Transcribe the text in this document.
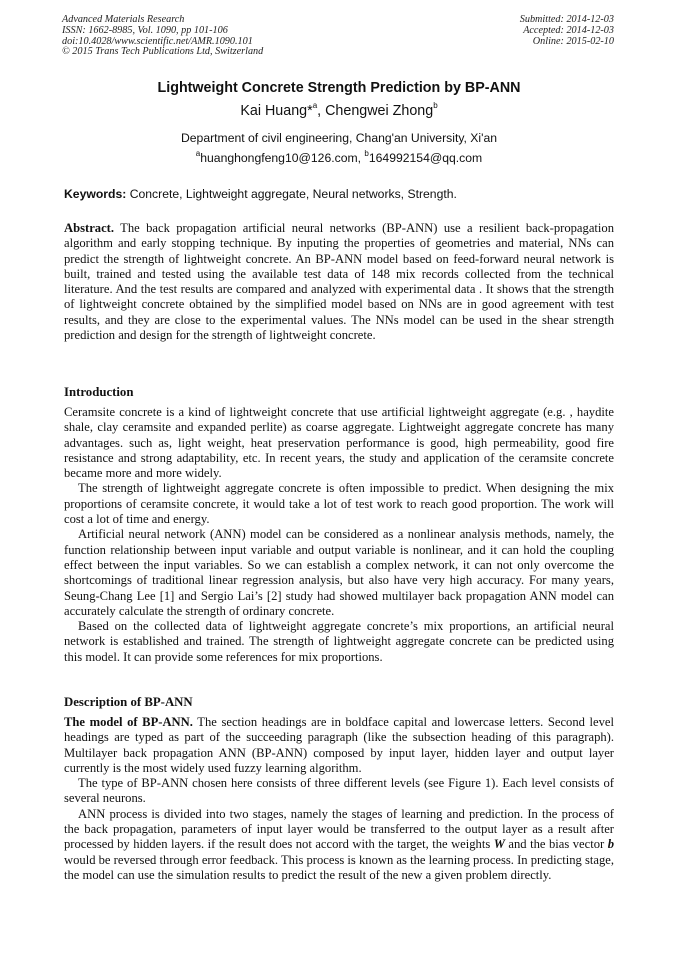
Advanced Materials Research
ISSN: 1662-8985, Vol. 1090, pp 101-106
doi:10.4028/www.scientific.net/AMR.1090.101
© 2015 Trans Tech Publications Ltd, Switzerland
Submitted: 2014-12-03
Accepted: 2014-12-03
Online: 2015-02-10
Lightweight Concrete Strength Prediction by BP-ANN
Kai Huang*$^a$, Chengwei Zhong$^b$
Department of civil engineering, Chang'an University, Xi'an
$^a$huanghongfeng10@126.com, $^b$164992154@qq.com
Keywords: Concrete, Lightweight aggregate, Neural networks, Strength.

Abstract. The back propagation artificial neural networks (BP-ANN) use a resilient back-propagation algorithm and early stopping technique. By inputing the properties of geometries and material, NNs can predict the strength of lightweight concrete. An BP-ANN model based on feed-forward neural network is built, trained and tested using the available test data of 148 mix records collected from the technical literature. And the test results are compared and analyzed with experimental data . It shows that the strength of lightweight concrete obtained by the simplified model based on NNs are in good agreement with test results, and they are close to the experimental values. The NNs model can be used in the shear strength prediction and design for the strength of lightweight concrete.

Introduction

Ceramsite concrete is a kind of lightweight concrete that use artificial lightweight aggregate (e.g. , haydite shale, clay ceramsite and expanded perlite) as coarse aggregate. Lightweight aggregate concrete has many advantages. such as, light weight, heat preservation performance is good, high permeability, good fire resistance and strong adaptability, etc. In recent years, the study and application of the ceramsite concrete became more and more widely.

The strength of lightweight aggregate concrete is often impossible to predict. When designing the mix proportions of ceramsite concrete, it would take a lot of test work to reach good proportion. The work will cost a lot of time and energy.

Artificial neural network (ANN) model can be considered as a nonlinear analysis methods, namely, the function relationship between input variable and output variable is nonlinear, and it can hold the coupling effect between the input variables. So we can establish a complex network, it can not only overcome the shortcomings of traditional linear regression analysis, but also have very high accuracy. For many years, Seung-Chang Lee [1] and Sergio Lai’s [2] study had showed multilayer back propagation ANN model can accurately calculate the strength of ordinary concrete.

Based on the collected data of lightweight aggregate concrete’s mix proportions, an artificial neural network is established and trained. The strength of lightweight aggregate concrete can be predicted using this model. It can provide some references for mix proportions.

Description of BP-ANN

The model of BP-ANN. The section headings are in boldface capital and lowercase letters. Second level headings are typed as part of the succeeding paragraph (like the subsection heading of this paragraph). Multilayer back propagation ANN (BP-ANN) composed by input layer, hidden layer and output layer currently is the most widely used fuzzy learning algorithm.

The type of BP-ANN chosen here consists of three different levels (see Figure 1). Each level consists of several neurons.

ANN process is divided into two stages, namely the stages of learning and prediction. In the process of the back propagation, parameters of input layer would be transferred to the output layer as a result after processed by hidden layers. if the result does not accord with the target, the weights W and the bias vector b would be reversed through error feedback. This process is known as the learning process. In predicting stage, the model can use the simulation results to predict the result of the new a given problem directly.
